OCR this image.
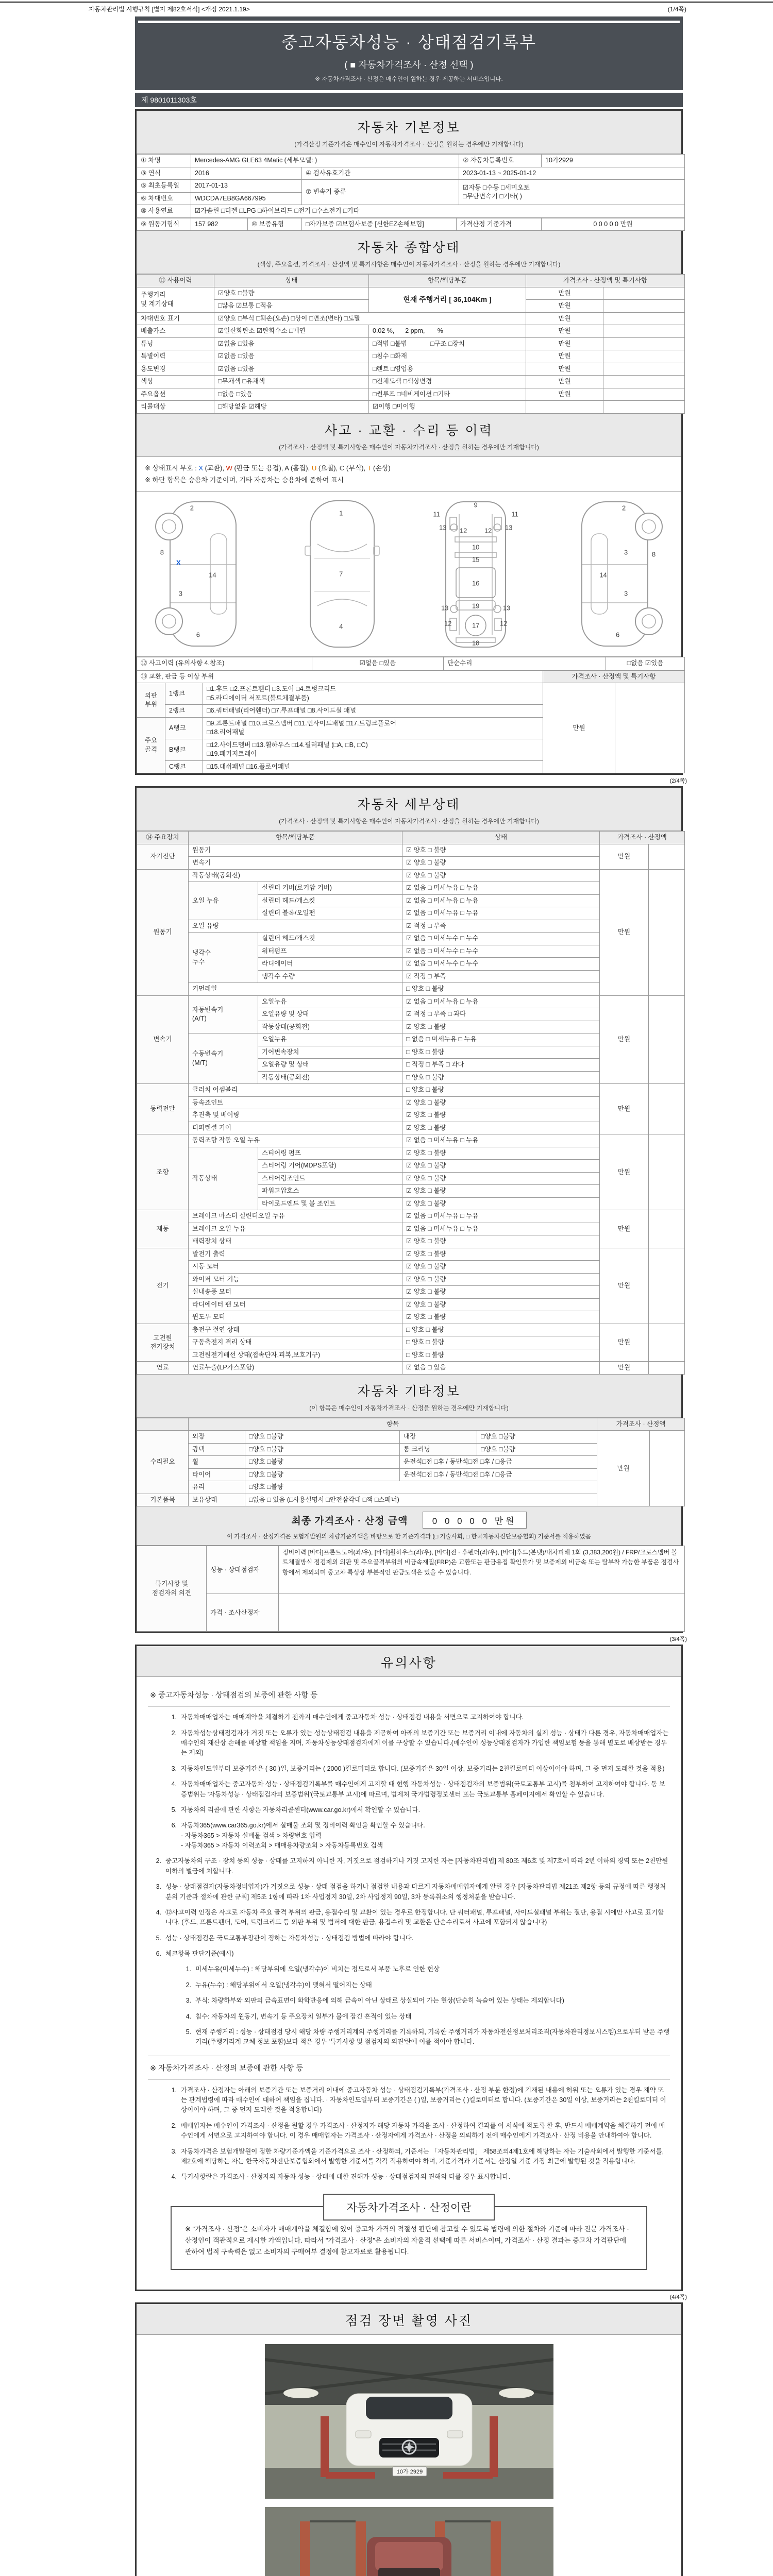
자동차관리법 시행규칙 [별지 제82호서식] <개정 2021.1.19>	(1/4쪽)
중고자동차성능 · 상태점검기록부
( ■ 자동차가격조사 · 산정 선택 )
※ 자동차가격조사 · 산정은 매수인이 원하는 경우 제공하는 서비스입니다.
제 9801011303호
자동차 기본정보
(가격산정 기준가격은 매수인이 자동차가격조사 · 산정을 원하는 경우에만 기재합니다)
① 차명	Mercedes-AMG GLE63 4Matic (세부모델: )		② 자동차등록번호	10가2929
③ 연식	2016	④ 검사유효기간	2023-01-13 ~ 2025-01-12	
⑤ 최초등록일	2017-01-13	⑦ 변속기 종류	☑자동 □수동 □세미오토
□무단변속기 □기타( )	
⑥ 차대번호	WDCDA7EB8GA667995			
⑧ 사용연료	☑가솔린 □디젤 □LPG □하이브리드 □전기 □수소전기 □기타			
⑨ 원동기형식	157 982	⑩ 보증유형	□자가보증 ☑보험사보증 [신한EZ손해보험]	가격산정 기준가격	0 0 0 0 0 만원
자동차 종합상태
(색상, 주요옵션, 가격조사 · 산정액 및 특기사항은 매수인이 자동차가격조사 · 산정을 원하는 경우에만 기재합니다)
⑪ 사용이력	상태	항목/해당부품	가격조사 · 산정액 및 특기사항	
주행거리
및 계기상태	☑양호 □불량	현재 주행거리 [ 36,104Km ]	만원	
	□많음 ☑보통 □적음		만원	
차대번호 표기	☑양호 □부식 □훼손(오손) □상이 □변조(변타) □도말		만원	
배출가스	☑일산화탄소 ☑탄화수소 □매연	0.02 %,      2 ppm,       %	만원	
튜닝	☑없음 □있음	□적법 □불법             □구조 □장치	만원	
특별이력	☑없음 □있음	□침수 □화재	만원	
용도변경	☑없음 □있음	□렌트 □영업용	만원	
색상	□무채색 □유채색	□전체도색 □색상변경	만원	
주요옵션	□없음 □있음	□썬루프 □네비게이션 □기타	만원	
리콜대상	□해당없음 ☑해당	☑이행 □미이행		
사고 · 교환 · 수리 등 이력
(가격조사 · 산정액 및 특기사항은 매수인이 자동차가격조사 · 산정을 원하는 경우에만 기재합니다)
※ 상태표시 부호 : X (교환), W (판금 또는 용접), A (흠집), U (요철), C (부식), T (손상)
※ 하단 항목은 승용차 기준이며, 기타 자동차는 승용차에 준하여 표시
2
8
X
14
3
6
1
7
4
9
11	11
13 12	12 13
10
15
16
19
13	13
12	17	12
18
2
3	8
14
3
6
⑫ 사고이력 (유의사항 4.참조)	☑없음 □있음	단순수리	□없음 ☑있음
⑬ 교환, 판금 등 이상 부위			가격조사 · 산정액 및 특기사항	
외판
부위	1랭크	□1.후드 □2.프론트휀더 □3.도어 □4.트렁크리드
□5.라디에이터 서포트(볼트체결부품)	만원	
	2랭크	□6.쿼터패널(리어휀더) □7.루프패널 □8.사이드실 패널		
주요
골격	A랭크	□9.프론트패널 □10.크로스멤버 □11.인사이드패널 □17.트렁크플로어
□18.리어패널		
	B랭크	□12.사이드멤버 □13.휠하우스 □14.필러패널 (□A, □B, □C)
□19.패키지트레이		
	C랭크	□15.대쉬패널 □16.플로어패널		
(2/4쪽)
자동차 세부상태
(가격조사 · 산정액 및 특기사항은 매수인이 자동차가격조사 · 산정을 원하는 경우에만 기재합니다)
⑭ 주요장치	항목/해당부품		상태	가격조사 · 산정액	
자기진단	원동기		☑ 양호 □ 불량	만원	
	변속기		☑ 양호 □ 불량		
원동기	작동상태(공회전)		☑ 양호 □ 불량	만원	
	오일 누유	실린더 커버(로커암 커버)	☑ 없음 □ 미세누유 □ 누유		
		실린더 헤드/개스킷	☑ 없음 □ 미세누유 □ 누유		
		실린더 블록/오일팬	☑ 없음 □ 미세누유 □ 누유		
	오일 유량		☑ 적정 □ 부족		
	냉각수
누수	실린더 헤드/개스킷	☑ 없음 □ 미세누수 □ 누수		
		워터펌프	☑ 없음 □ 미세누수 □ 누수		
		라디에이터	☑ 없음 □ 미세누수 □ 누수		
		냉각수 수량	☑ 적정 □ 부족		
	커먼레일		□ 양호 □ 불량		
변속기	자동변속기
(A/T)	오일누유	☑ 없음 □ 미세누유 □ 누유	만원	
		오일유량 및 상태	☑ 적정 □ 부족 □ 과다		
		작동상태(공회전)	☑ 양호 □ 불량		
	수동변속기
(M/T)	오일누유	□ 없음 □ 미세누유 □ 누유		
		기어변속장치	□ 양호 □ 불량		
		오일유량 및 상태	□ 적정 □ 부족 □ 과다		
		작동상태(공회전)	□ 양호 □ 불량		
동력전달	클러치 어셈블리		□ 양호 □ 불량	만원	
	등속죠인트		☑ 양호 □ 불량		
	추진축 및 베어링		☑ 양호 □ 불량		
	디퍼렌셜 기어		☑ 양호 □ 불량		
조향	동력조향 작동 오일 누유		☑ 없음 □ 미세누유 □ 누유	만원	
	작동상태	스티어링 펌프	☑ 양호 □ 불량		
		스티어링 기어(MDPS포함)	☑ 양호 □ 불량		
		스티어링조인트	☑ 양호 □ 불량		
		파워고압호스	☑ 양호 □ 불량		
		타이로드엔드 및 볼 조인트	☑ 양호 □ 불량		
제동	브레이크 마스터 실린더오일 누유		☑ 없음 □ 미세누유 □ 누유	만원	
	브레이크 오일 누유		☑ 없음 □ 미세누유 □ 누유		
	배력장치 상태		☑ 양호 □ 불량		
전기	발전기 출력		☑ 양호 □ 불량	만원	
	시동 모터		☑ 양호 □ 불량		
	와이퍼 모터 기능		☑ 양호 □ 불량		
	실내송풍 모터		☑ 양호 □ 불량		
	라디에이터 팬 모터		☑ 양호 □ 불량		
	윈도우 모터		☑ 양호 □ 불량		
고전원
전기장치	충전구 절연 상태		□ 양호 □ 불량	만원	
	구동축전지 격리 상태		□ 양호 □ 불량		
	고전원전기배선 상태(접속단자,피복,보호기구)		□ 양호 □ 불량		
연료	연료누출(LP가스포함)		☑ 없음 □ 있음	만원	
자동차 기타정보
(이 항목은 매수인이 자동차가격조사 · 산정을 원하는 경우에만 기재합니다)
	항목				가격조사 · 산정액	
수리필요	외장	□양호 □불량	내장	□양호 □불량	만원	
	광택	□양호 □불량	룸 크리닝	□양호 □불량		
	휠	□양호 □불량	운전석□전 □후 / 동반석□전 □후 / □응급			
	타이어	□양호 □불량	운전석□전 □후 / 동반석□전 □후 / □응급			
	유리	□양호 □불량				
기본품목	보유상태	□없음 □ 있음 (□사용설명서 □안전삼각대 □잭 □스패너)				
최종 가격조사 · 산정 금액	0 0 0 0 0 만원
이 가격조사 · 산정가격은 보험개발원의 차량기준가액을 바탕으로 한 기준가격과 (□ 기술사회, □ 한국자동차진단보증협회) 기준서를 적용하였음
특기사항 및
점검자의 의견	성능 · 상태점검자	정비이력 [바디]프론트도어(좌/우), [바디]휠하우스(좌/우), [바디]전 · 후펜더(좌/우), [바디]후드(본넷)/내차피해 1회 (3,383,200원) / FRP/크로스멤버 볼트체결방식 점검제외 외판 및 주요골격부위의 비금속재질(FRP)은 교환또는 판금용접 확인불가 및 보증제외 비금속 또는 탈부착 가능한 부품은 점검사항에서 제외되며 중고차 특성상 부분적인 판금도색은 있을 수 있습니다.
	가격 · 조사산정자	
(3/4쪽)
유의사항
※ 중고자동차성능 · 상태점검의 보증에 관한 사항 등
1. 자동차매매업자는 매매계약을 체결하기 전까지 매수인에게 중고자동차 성능 · 상태점검 내용을 서면으로 고지하여야 합니다.
2. 자동차성능상태점검자가 거짓 또는 오류가 있는 성능상태점검 내용을 제공하여 아래의 보증기간 또는 보증거리 이내에 자동차의 실제 성능 · 상태가 다른 경우, 자동차매매업자는 매수인의 재산상 손해를 배상할 책임을 지며, 자동차성능상태점검자에게 이를 구상할 수 있습니다.(매수인이 성능상태점검자가 가입한 책임보험 등을 통해 별도로 배상받는 경우는 제외)
3. 자동차인도일부터 보증기간은 ( 30 )일, 보증거리는 ( 2000 )킬로미터로 합니다. (보증기간은 30일 이상, 보증거리는 2천킬로미터 이상이어야 하며, 그 중 먼저 도래한 것을 적용)
4. 자동차매매업자는 중고자동차 성능 · 상태점검기록부를 매수인에게 고지할 때 현행 자동차성능 · 상태점검자의 보증범위(국토교통부 고시)를 첨부하여 고지하여야 합니다. 동 보증범위는 '자동차성능 · 상태점검자의 보증범위'(국토교통부 고시)에 따르며, 법제처 국가법령정보센터 또는 국토교통부 홈페이지에서 확인할 수 있습니다.
5. 자동차의 리콜에 관한 사항은 자동차리콜센터(www.car.go.kr)에서 확인할 수 있습니다.
6. 자동차365(www.car365.go.kr)에서 실매물 조회 및 정비이력 확인을 확인할 수 있습니다.
- 자동차365 > 자동차 실매물 검색 > 차량번호 입력
- 자동차365 > 자동차 이력조회 > 매매용차량조회 > 자동차등록번호 검색
2. 중고자동차의 구조 · 장치 등의 성능 · 상태를 고지하지 아니한 자, 거짓으로 점검하거나 거짓 고지한 자는 [자동차관리법] 제 80조 제6호 및 제7호에 따라 2년 이하의 징역 또는 2천만원 이하의 벌금에 처합니다.
3. 성능 · 상태점검자(자동차정비업자)가 거짓으로 성능 · 상태 점검을 하거나 점검한 내용과 다르게 자동차매매업자에게 알린 경우 [자동차관리법 제21조 제2항 등의 규정에 따른 행정처분의 기준과 절차에 관한 규칙] 제5조 1항에 따라 1차 사업정지 30일, 2차 사업정지 90일, 3차 등록취소의 행정처분을 받습니다.
4. ⑫사고이력 인정은 사고로 자동차 주요 골격 부위의 판금, 용접수리 및 교환이 있는 경우로 한정합니다. 단 쿼터패널, 루프패널, 사이드실패널 부위는 절단, 용접 시에만 사고로 표기합니다. (후드, 프론트펜더, 도어, 트렁크리드 등 외판 부위 및 범퍼에 대한 판금, 용접수리 및 교환은 단순수리로서 사고에 포함되지 않습니다)
5. 성능 · 상태점검은 국토교통부장관이 정하는 자동차성능 · 상태점검 방법에 따라야 합니다.
6. 체크항목 판단기준(예시)
1. 미세누유(미세누수) : 해당부위에 오일(냉각수)이 비치는 정도로서 부품 노후로 인한 현상
2. 누유(누수) : 해당부위에서 오일(냉각수)이 맺혀서 떨어지는 상태
3. 부식: 차량하부와 외판의 금속표면이 화학반응에 의해 금속이 아닌 상태로 상실되어 가는 현상(단순히 녹슬어 있는 상태는 제외합니다)
4. 침수: 자동차의 원동기, 변속기 등 주요장치 일부가 물에 잠긴 흔적이 있는 상태
5. 현재 주행거리 : 성능 · 상태점검 당시 해당 차량 주행거리계의 주행거리를 기록하되, 기록한 주행거리가 자동차전산정보처리조직(자동차관리정보시스템)으로부터 받은 주행거리(주행거리계 교체 정보 포함)보다 적은 경우 '특기사항 및 점검자의 의견'란에 이를 적어야 합니다.
※ 자동차가격조사 · 산정의 보증에 관한 사항 등
1. 가격조사 · 산정자는 아래의 보증기간 또는 보증거리 이내에 중고자동차 성능 · 상태점검기록부(가격조사 · 산정 부분 한정)에 기재된 내용에 허위 또는 오류가 있는 경우 계약 또는 관계법령에 따라 매수인에 대하여 책임을 집니다. · 자동차인도일부터 보증기간은 ( )일, 보증거리는 ( )킬로미터로 합니다. (보증기간은 30일 이상, 보증거리는 2천킬로미터 이상이어야 하며, 그 중 먼저 도래한 것을 적용합니다)
2. 매매업자는 매수인이 가격조사 · 산정을 원할 경우 가격조사 · 산정자가 해당 자동차 가격을 조사 · 산정하여 결과를 이 서식에 적도록 한 후, 반드시 매매계약을 체결하기 전에 매수인에게 서면으로 고지하여야 합니다. 이 경우 매매업자는 가격조사 · 산정자에게 가격조사 · 산정을 의뢰하기 전에 매수인에게 가격조사 · 산정 비용을 안내하여야 합니다.
3. 자동차가격은 보험개발원이 정한 차량기준가액을 기준가격으로 조사 · 산정하되, 기준서는 「자동차관리법」 제58조의4제1호에 해당하는 자는 기술사회에서 발행한 기준서를, 제2호에 해당하는 자는 한국자동차진단보증협회에서 발행한 기준서를 각각 적용하여야 하며, 기준가격과 기준서는 산정일 기준 가장 최근에 발행된 것을 적용합니다.
4. 특기사항란은 가격조사 · 산정자의 자동차 성능 · 상태에 대한 견해가 성능 · 상태점검자의 견해와 다를 경우 표시합니다.
자동차가격조사 · 산정이란
※ "가격조사 · 산정"은 소비자가 매매계약을 체결함에 있어 중고차 가격의 적절성 판단에 참고할 수 있도록 법령에 의한 절차와 기준에 따라 전문 가격조사 · 산정인이 객관적으로 제시한 가액입니다. 따라서 "가격조사 · 산정"은 소비자의 자율적 선택에 따른 서비스이며, 가격조사 · 산정 결과는 중고차 가격판단에 관하여 법적 구속력은 없고 소비자의 구매여부 결정에 참고자료로 활용됩니다.
(4/4쪽)
점검 장면 촬영 사진
10가 2929
